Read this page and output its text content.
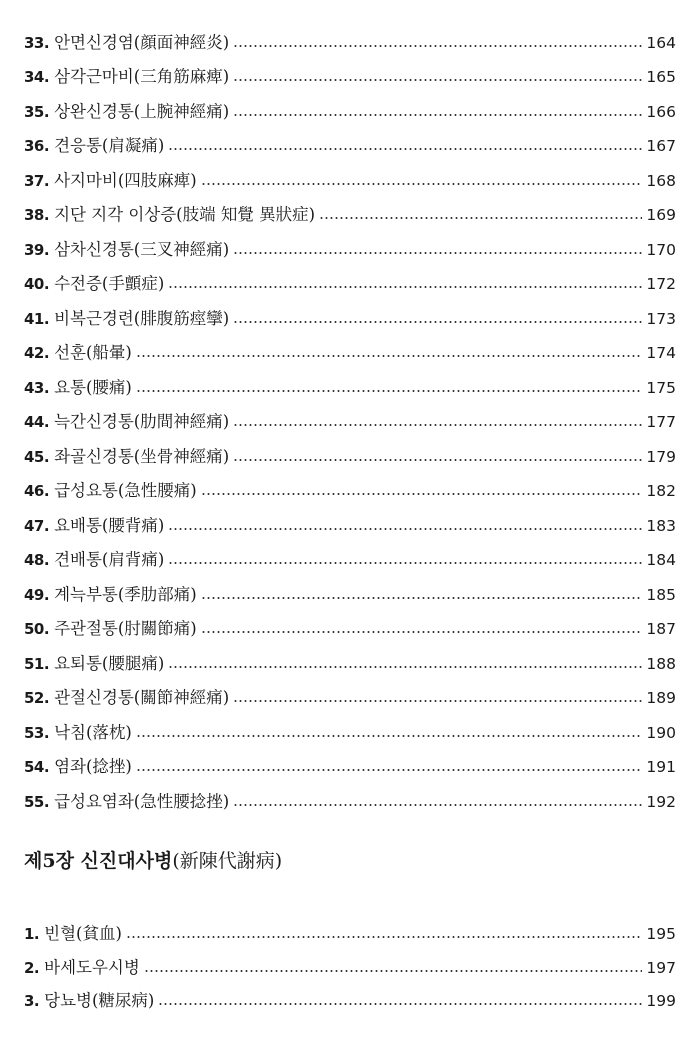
33. 안면신경염(顔面神經炎)	164
34. 삼각근마비(三角筋麻痺)	165
35. 상완신경통(上腕神經痛)	166
36. 견응통(肩凝痛)	167
37. 사지마비(四肢麻痺)	168
38. 지단 지각 이상증(肢端 知覺 異狀症)	169
39. 삼차신경통(三叉神經痛)	170
40. 수전증(手顫症)	172
41. 비복근경련(腓腹筋痙攣)	173
42. 선훈(船暈)	174
43. 요통(腰痛)	175
44. 늑간신경통(肋間神經痛)	177
45. 좌골신경통(坐骨神經痛)	179
46. 급성요통(急性腰痛)	182
47. 요배통(腰背痛)	183
48. 견배통(肩背痛)	184
49. 계늑부통(季肋部痛)	185
50. 주관절통(肘關節痛)	187
51. 요퇴통(腰腿痛)	188
52. 관절신경통(關節神經痛)	189
53. 낙침(落枕)	190
54. 염좌(捻挫)	191
55. 급성요염좌(急性腰捻挫)	192
제5장 신진대사병(新陳代謝病)
1. 빈혈(貧血)	195
2. 바세도우시병	197
3. 당뇨병(糖尿病)	199
